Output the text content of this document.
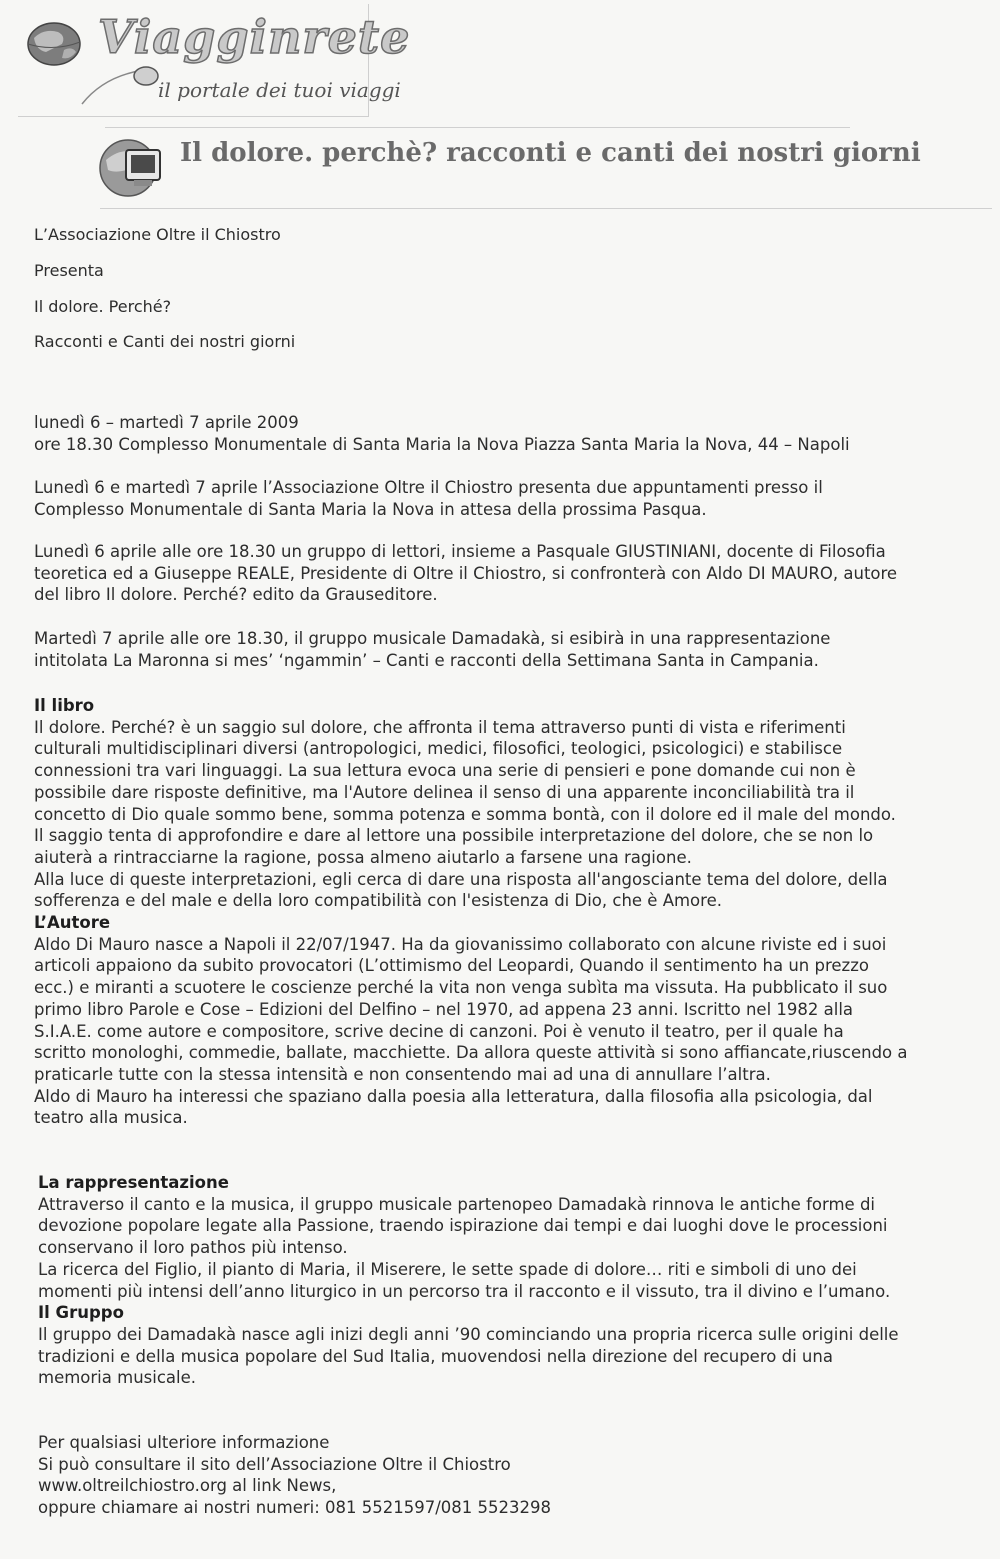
Viagginrete
il portale dei tuoi viaggi
Il dolore. perchè? racconti e canti dei nostri giorni
L’Associazione Oltre il Chiostro
Presenta
Il dolore. Perché?
Racconti e Canti dei nostri giorni
lunedì 6 – martedì 7 aprile 2009
ore 18.30 Complesso Monumentale di Santa Maria la Nova Piazza Santa Maria la Nova, 44 – Napoli
Lunedì 6 e martedì 7 aprile l’Associazione Oltre il Chiostro presenta due appuntamenti presso il
Complesso Monumentale di Santa Maria la Nova in attesa della prossima Pasqua.
Lunedì 6 aprile alle ore 18.30 un gruppo di lettori, insieme a Pasquale GIUSTINIANI, docente di Filosofia
teoretica ed a Giuseppe REALE, Presidente di Oltre il Chiostro, si confronterà con Aldo DI MAURO, autore
del libro Il dolore. Perché? edito da Grauseditore.
Martedì 7 aprile alle ore 18.30, il gruppo musicale Damadakà, si esibirà in una rappresentazione
intitolata La Maronna si mes’ ‘ngammin’ – Canti e racconti della Settimana Santa in Campania.
Il libro
Il dolore. Perché? è un saggio sul dolore, che affronta il tema attraverso punti di vista e riferimenti
culturali multidisciplinari diversi (antropologici, medici, filosofici, teologici, psicologici) e stabilisce
connessioni tra vari linguaggi. La sua lettura evoca una serie di pensieri e pone domande cui non è
possibile dare risposte definitive, ma l'Autore delinea il senso di una apparente inconciliabilità tra il
concetto di Dio quale sommo bene, somma potenza e somma bontà, con il dolore ed il male del mondo.
Il saggio tenta di approfondire e dare al lettore una possibile interpretazione del dolore, che se non lo
aiuterà a rintracciarne la ragione, possa almeno aiutarlo a farsene una ragione.
Alla luce di queste interpretazioni, egli cerca di dare una risposta all'angosciante tema del dolore, della
sofferenza e del male e della loro compatibilità con l'esistenza di Dio, che è Amore.
L’Autore
Aldo Di Mauro nasce a Napoli il 22/07/1947. Ha da giovanissimo collaborato con alcune riviste ed i suoi
articoli appaiono da subito provocatori (L’ottimismo del Leopardi, Quando il sentimento ha un prezzo
ecc.) e miranti a scuotere le coscienze perché la vita non venga subìta ma vissuta. Ha pubblicato il suo
primo libro Parole e Cose – Edizioni del Delfino – nel 1970, ad appena 23 anni. Iscritto nel 1982 alla
S.I.A.E. come autore e compositore, scrive decine di canzoni. Poi è venuto il teatro, per il quale ha
scritto monologhi, commedie, ballate, macchiette. Da allora queste attività si sono affiancate,riuscendo a
praticarle tutte con la stessa intensità e non consentendo mai ad una di annullare l’altra.
Aldo di Mauro ha interessi che spaziano dalla poesia alla letteratura, dalla filosofia alla psicologia, dal
teatro alla musica.
La rappresentazione
Attraverso il canto e la musica, il gruppo musicale partenopeo Damadakà rinnova le antiche forme di
devozione popolare legate alla Passione, traendo ispirazione dai tempi e dai luoghi dove le processioni
conservano il loro pathos più intenso.
La ricerca del Figlio, il pianto di Maria, il Miserere, le sette spade di dolore… riti e simboli di uno dei
momenti più intensi dell’anno liturgico in un percorso tra il racconto e il vissuto, tra il divino e l’umano.
Il Gruppo
Il gruppo dei Damadakà nasce agli inizi degli anni ’90 cominciando una propria ricerca sulle origini delle
tradizioni e della musica popolare del Sud Italia, muovendosi nella direzione del recupero di una
memoria musicale.
Per qualsiasi ulteriore informazione
Si può consultare il sito dell’Associazione Oltre il Chiostro
www.oltreilchiostro.org al link News,
oppure chiamare ai nostri numeri: 081 5521597/081 5523298
